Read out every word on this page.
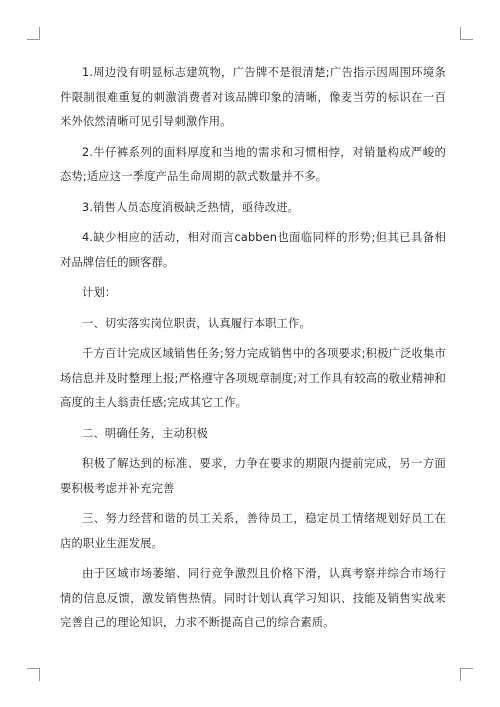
1.周边没有明显标志建筑物，广告牌不是很清楚;广告指示因周围环境条件限制很难重复的刺激消费者对该品牌印象的清晰，像麦当劳的标识在一百米外依然清晰可见引导刺激作用。

2.牛仔裤系列的面料厚度和当地的需求和习惯相悖，对销量构成严峻的态势;适应这一季度产品生命周期的款式数量并不多。

3.销售人员态度消极缺乏热情，亟待改进。

4.缺少相应的活动，相对而言cabben也面临同样的形势;但其已具备相对品牌信任的顾客群。

计划：

一、切实落实岗位职责，认真履行本职工作。

千方百计完成区域销售任务;努力完成销售中的各项要求;积极广泛收集市场信息并及时整理上报;严格遵守各项规章制度;对工作具有较高的敬业精神和高度的主人翁责任感;完成其它工作。

二、明确任务，主动积极

积极了解达到的标准、要求，力争在要求的期限内提前完成，另一方面要积极考虑并补充完善

三、努力经营和谐的员工关系，善待员工，稳定员工情绪规划好员工在店的职业生涯发展。

由于区域市场萎缩、同行竞争激烈且价格下滑，认真考察并综合市场行情的信息反馈，激发销售热情。同时计划认真学习知识、技能及销售实战来完善自己的理论知识，力求不断提高自己的综合素质。
